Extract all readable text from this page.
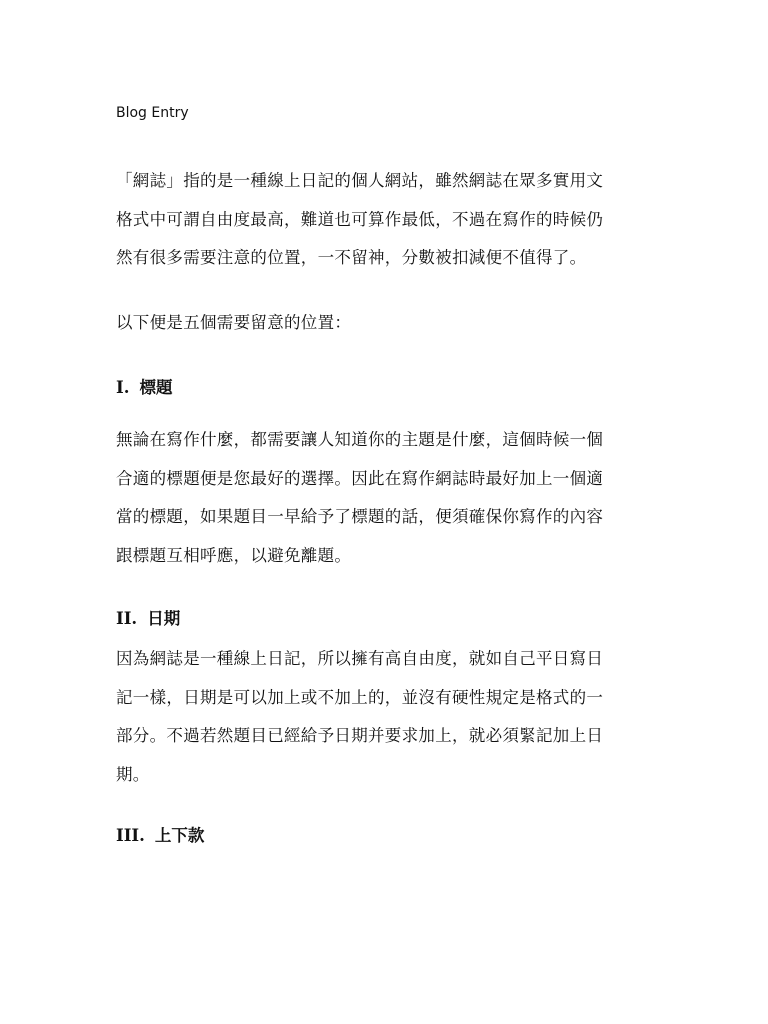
Blog Entry
「網誌」指的是一種線上日記的個人網站，雖然網誌在眾多實用文
格式中可謂自由度最高，難道也可算作最低，不過在寫作的時候仍
然有很多需要注意的位置，一不留神，分數被扣減便不值得了。
以下便是五個需要留意的位置：
I. 標題
無論在寫作什麼，都需要讓人知道你的主題是什麼，這個時候一個
合適的標題便是您最好的選擇。因此在寫作網誌時最好加上一個適
當的標題，如果題目一早給予了標題的話，便須確保你寫作的內容
跟標題互相呼應，以避免離題。
II. 日期
因為網誌是一種線上日記，所以擁有高自由度，就如自己平日寫日
記一樣，日期是可以加上或不加上的，並沒有硬性規定是格式的一
部分。不過若然題目已經給予日期并要求加上，就必須緊記加上日
期。
III. 上下款
